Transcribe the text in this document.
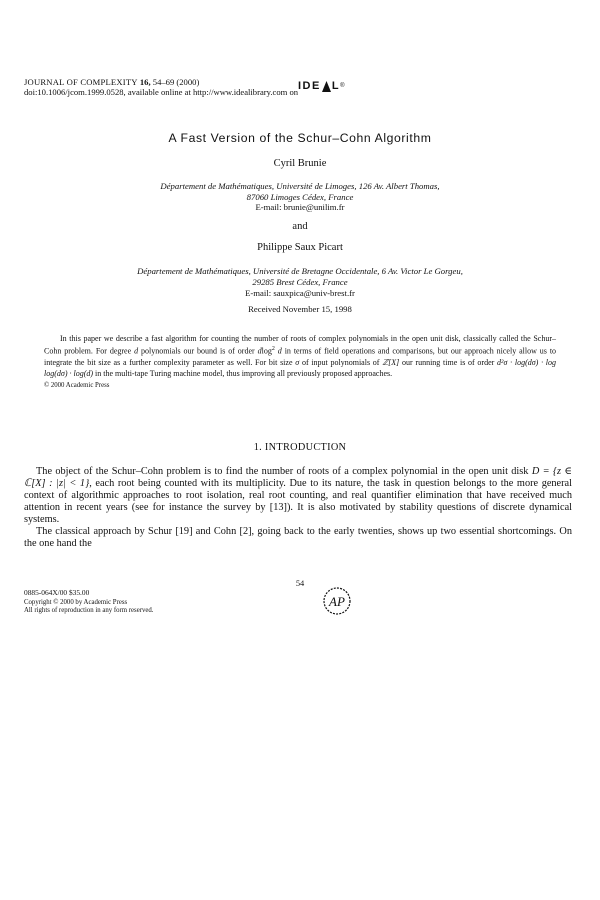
JOURNAL OF COMPLEXITY 16, 54–69 (2000)
doi:10.1006/jcom.1999.0528, available online at http://www.idealibrary.com on IDE L ®
A Fast Version of the Schur–Cohn Algorithm
Cyril Brunie
Département de Mathématiques, Université de Limoges, 126 Av. Albert Thomas,
87060 Limoges Cédex, France
E-mail: brunie@unilim.fr
and
Philippe Saux Picart
Département de Mathématiques, Université de Bretagne Occidentale, 6 Av. Victor Le Gorgeu,
29285 Brest Cédex, France
E-mail: sauxpica@univ-brest.fr
Received November 15, 1998
In this paper we describe a fast algorithm for counting the number of roots of complex polynomials in the open unit disk, classically called the Schur–Cohn problem. For degree d polynomials our bound is of order dlog$^2$ d in terms of field operations and comparisons, but our approach nicely allow us to integrate the bit size as a further complexity parameter as well. For bit size σ of input polynomials of ℤ[X] our running time is of order d²σ · log(dσ) · log log(dσ) · log(d) in the multi-tape Turing machine model, thus improving all previously proposed approaches.
© 2000 Academic Press
1. INTRODUCTION

The object of the Schur–Cohn problem is to find the number of roots of a complex polynomial in the open unit disk D = {z ∈ ℂ[X] : |z| < 1}, each root being counted with its multiplicity. Due to its nature, the task in question belongs to the more general context of algorithmic approaches to root isolation, real root counting, and real quantifier elimination that have received much attention in recent years (see for instance the survey by [13]). It is also motivated by stability questions of discrete dynamical systems.

The classical approach by Schur [19] and Cohn [2], going back to the early twenties, shows up two essential shortcomings. On the one hand the

54
0885-064X/00 $35.00
Copyright © 2000 by Academic Press
All rights of reproduction in any form reserved.
AP
